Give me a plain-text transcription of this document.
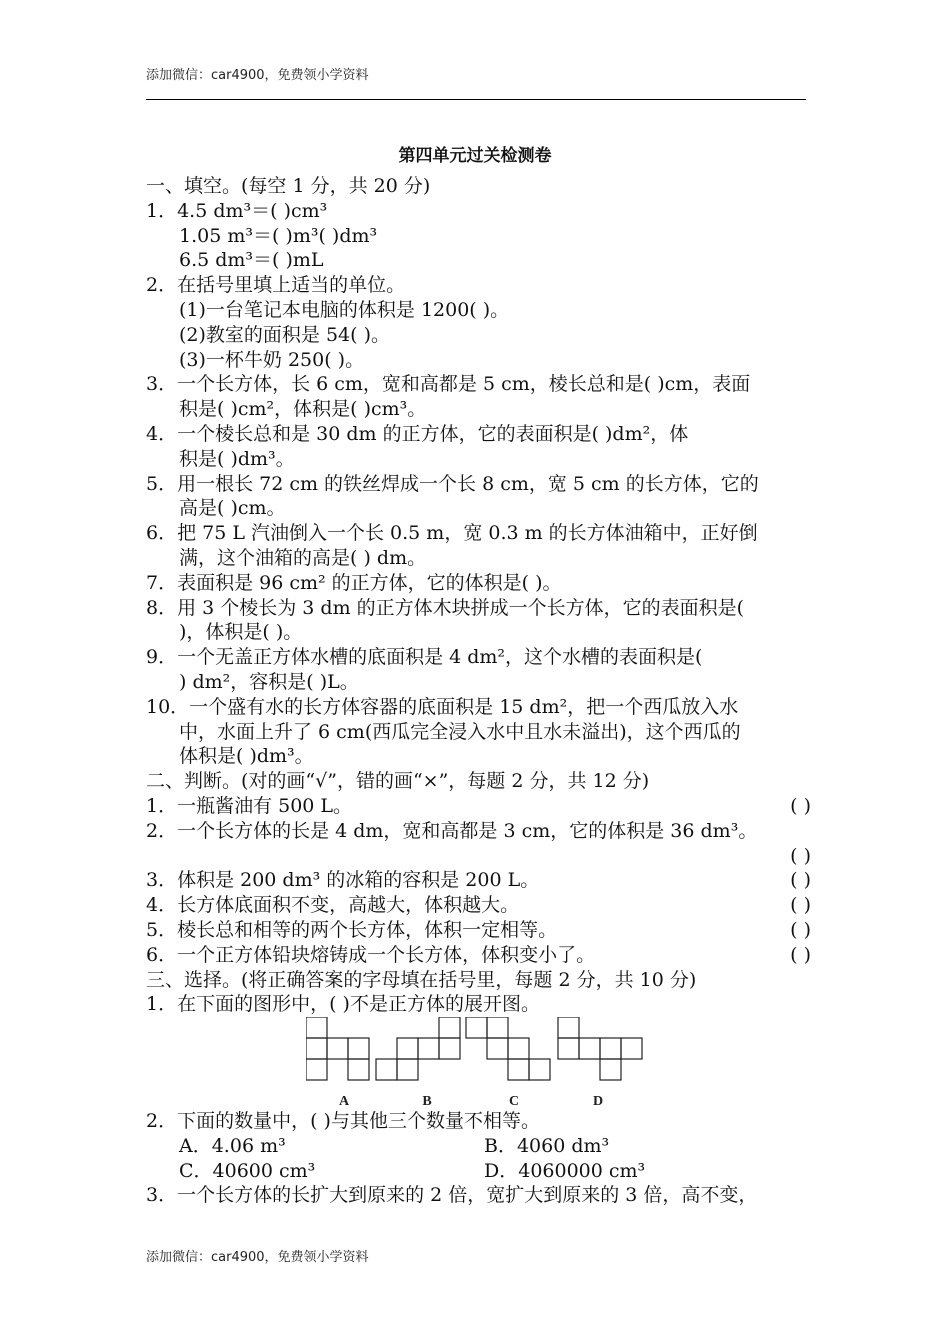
添加微信：car4900，免费领小学资料
第四单元过关检测卷
一、填空。(每空 1 分，共 20 分)
1．4.5 dm³＝( )cm³
1.05 m³＝( )m³( )dm³
6.5 dm³＝( )mL
2．在括号里填上适当的单位。
(1)一台笔记本电脑的体积是 1200( )。
(2)教室的面积是 54( )。
(3)一杯牛奶 250( )。
3．一个长方体，长 6 cm，宽和高都是 5 cm，棱长总和是( )cm，表面
积是( )cm²，体积是( )cm³。
4．一个棱长总和是 30 dm 的正方体，它的表面积是( )dm²，体
积是( )dm³。
5．用一根长 72 cm 的铁丝焊成一个长 8 cm，宽 5 cm 的长方体，它的
高是( )cm。
6．把 75 L 汽油倒入一个长 0.5 m，宽 0.3 m 的长方体油箱中，正好倒
满，这个油箱的高是( ) dm。
7．表面积是 96 cm² 的正方体，它的体积是( )。
8．用 3 个棱长为 3 dm 的正方体木块拼成一个长方体，它的表面积是(
)，体积是( )。
9．一个无盖正方体水槽的底面积是 4 dm²，这个水槽的表面积是(
) dm²，容积是( )L。
10．一个盛有水的长方体容器的底面积是 15 dm²，把一个西瓜放入水
中，水面上升了 6 cm(西瓜完全浸入水中且水未溢出)，这个西瓜的
体积是( )dm³。
二、判断。(对的画“√”，错的画“×”，每题 2 分，共 12 分)
1．一瓶酱油有 500 L。	( )
2．一个长方体的长是 4 dm，宽和高都是 3 cm，它的体积是 36 dm³。
( )
3．体积是 200 dm³ 的冰箱的容积是 200 L。	( )
4．长方体底面积不变，高越大，体积越大。	( )
5．棱长总和相等的两个长方体，体积一定相等。	( )
6．一个正方体铅块熔铸成一个长方体，体积变小了。	( )
三、选择。(将正确答案的字母填在括号里，每题 2 分，共 10 分)
1．在下面的图形中，( )不是正方体的展开图。
A	B	C	D
2．下面的数量中，( )与其他三个数量不相等。
A．4.06 m³	B．4060 dm³
C．40600 cm³	D．4060000 cm³
3．一个长方体的长扩大到原来的 2 倍，宽扩大到原来的 3 倍，高不变，
添加微信：car4900，免费领小学资料
